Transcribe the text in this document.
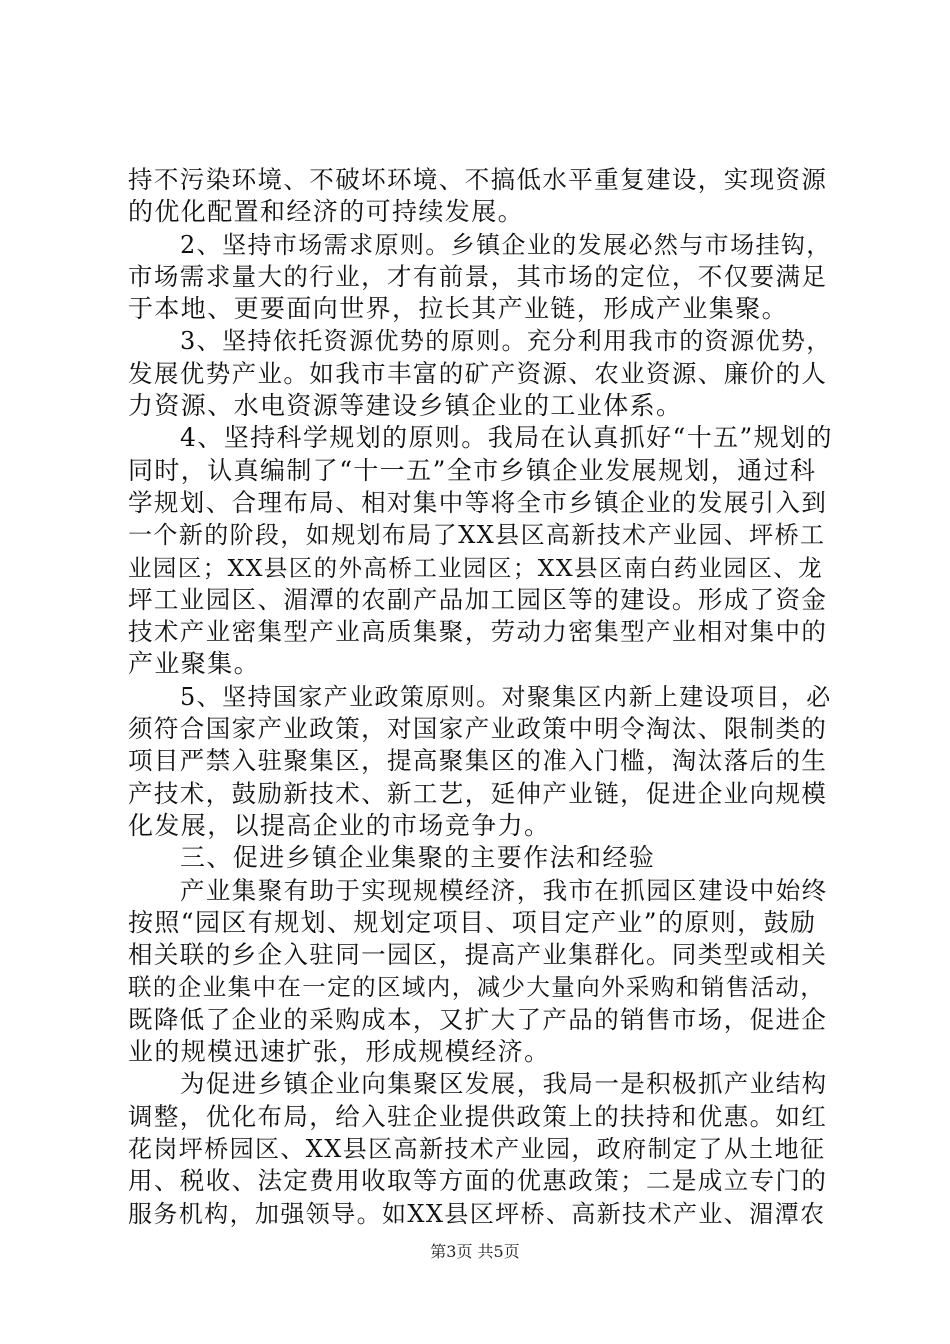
持不污染环境、不破坏环境、不搞低水平重复建设，实现资源
的优化配置和经济的可持续发展。
2、坚持市场需求原则。乡镇企业的发展必然与市场挂钩，
市场需求量大的行业，才有前景，其市场的定位，不仅要满足
于本地、更要面向世界，拉长其产业链，形成产业集聚。
3、坚持依托资源优势的原则。充分利用我市的资源优势，
发展优势产业。如我市丰富的矿产资源、农业资源、廉价的人
力资源、水电资源等建设乡镇企业的工业体系。
4、坚持科学规划的原则。我局在认真抓好“十五”规划的
同时，认真编制了“十一五”全市乡镇企业发展规划，通过科
学规划、合理布局、相对集中等将全市乡镇企业的发展引入到
一个新的阶段，如规划布局了XX县区高新技术产业园、坪桥工
业园区；XX县区的外高桥工业园区；XX县区南白药业园区、龙
坪工业园区、湄潭的农副产品加工园区等的建设。形成了资金
技术产业密集型产业高质集聚，劳动力密集型产业相对集中的
产业聚集。
5、坚持国家产业政策原则。对聚集区内新上建设项目，必
须符合国家产业政策，对国家产业政策中明令淘汰、限制类的
项目严禁入驻聚集区，提高聚集区的准入门槛，淘汰落后的生
产技术，鼓励新技术、新工艺，延伸产业链，促进企业向规模
化发展，以提高企业的市场竞争力。
三、促进乡镇企业集聚的主要作法和经验
产业集聚有助于实现规模经济，我市在抓园区建设中始终
按照“园区有规划、规划定项目、项目定产业”的原则，鼓励
相关联的乡企入驻同一园区，提高产业集群化。同类型或相关
联的企业集中在一定的区域内，减少大量向外采购和销售活动，
既降低了企业的采购成本，又扩大了产品的销售市场，促进企
业的规模迅速扩张，形成规模经济。
为促进乡镇企业向集聚区发展，我局一是积极抓产业结构
调整，优化布局，给入驻企业提供政策上的扶持和优惠。如红
花岗坪桥园区、XX县区高新技术产业园，政府制定了从土地征
用、税收、法定费用收取等方面的优惠政策；二是成立专门的
服务机构，加强领导。如XX县区坪桥、高新技术产业、湄潭农
第3页 共5页
